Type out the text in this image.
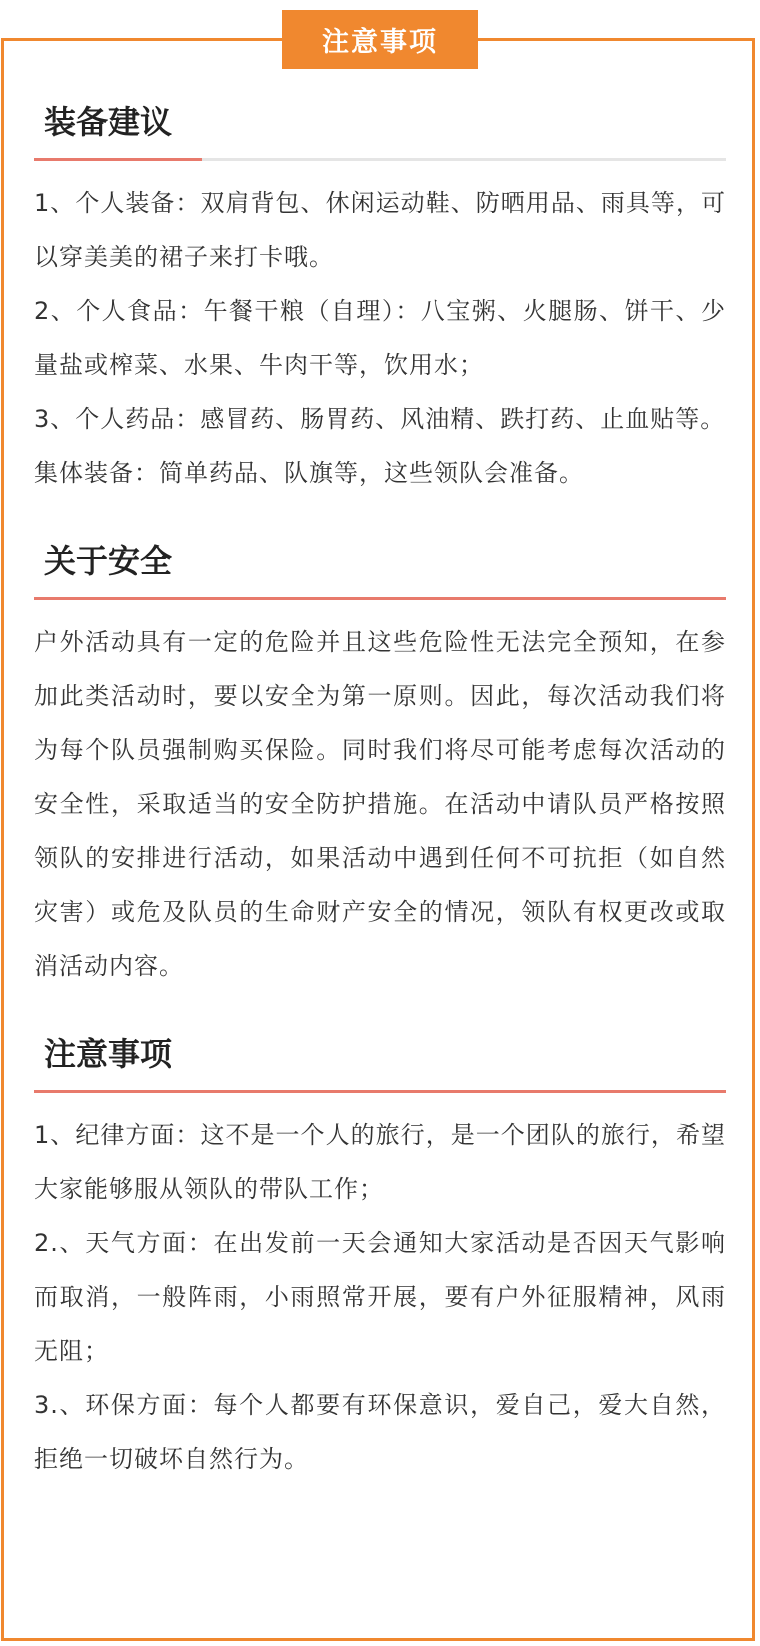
注意事项
装备建议

1、个人装备：双肩背包、休闲运动鞋、防晒用品、雨具等，可以穿美美的裙子来打卡哦。

2、个人食品：午餐干粮（自理）：八宝粥、火腿肠、饼干、少量盐或榨菜、水果、牛肉干等，饮用水；

3、个人药品：感冒药、肠胃药、风油精、跌打药、止血贴等。

集体装备：简单药品、队旗等，这些领队会准备。

关于安全

户外活动具有一定的危险并且这些危险性无法完全预知，在参加此类活动时，要以安全为第一原则。因此，每次活动我们将为每个队员强制购买保险。同时我们将尽可能考虑每次活动的安全性，采取适当的安全防护措施。在活动中请队员严格按照领队的安排进行活动，如果活动中遇到任何不可抗拒（如自然灾害）或危及队员的生命财产安全的情况，领队有权更改或取消活动内容。

注意事项

1、纪律方面：这不是一个人的旅行，是一个团队的旅行，希望大家能够服从领队的带队工作；

2.、天气方面：在出发前一天会通知大家活动是否因天气影响而取消，一般阵雨，小雨照常开展，要有户外征服精神，风雨无阻；

3.、环保方面：每个人都要有环保意识，爱自己，爱大自然，拒绝一切破坏自然行为。
